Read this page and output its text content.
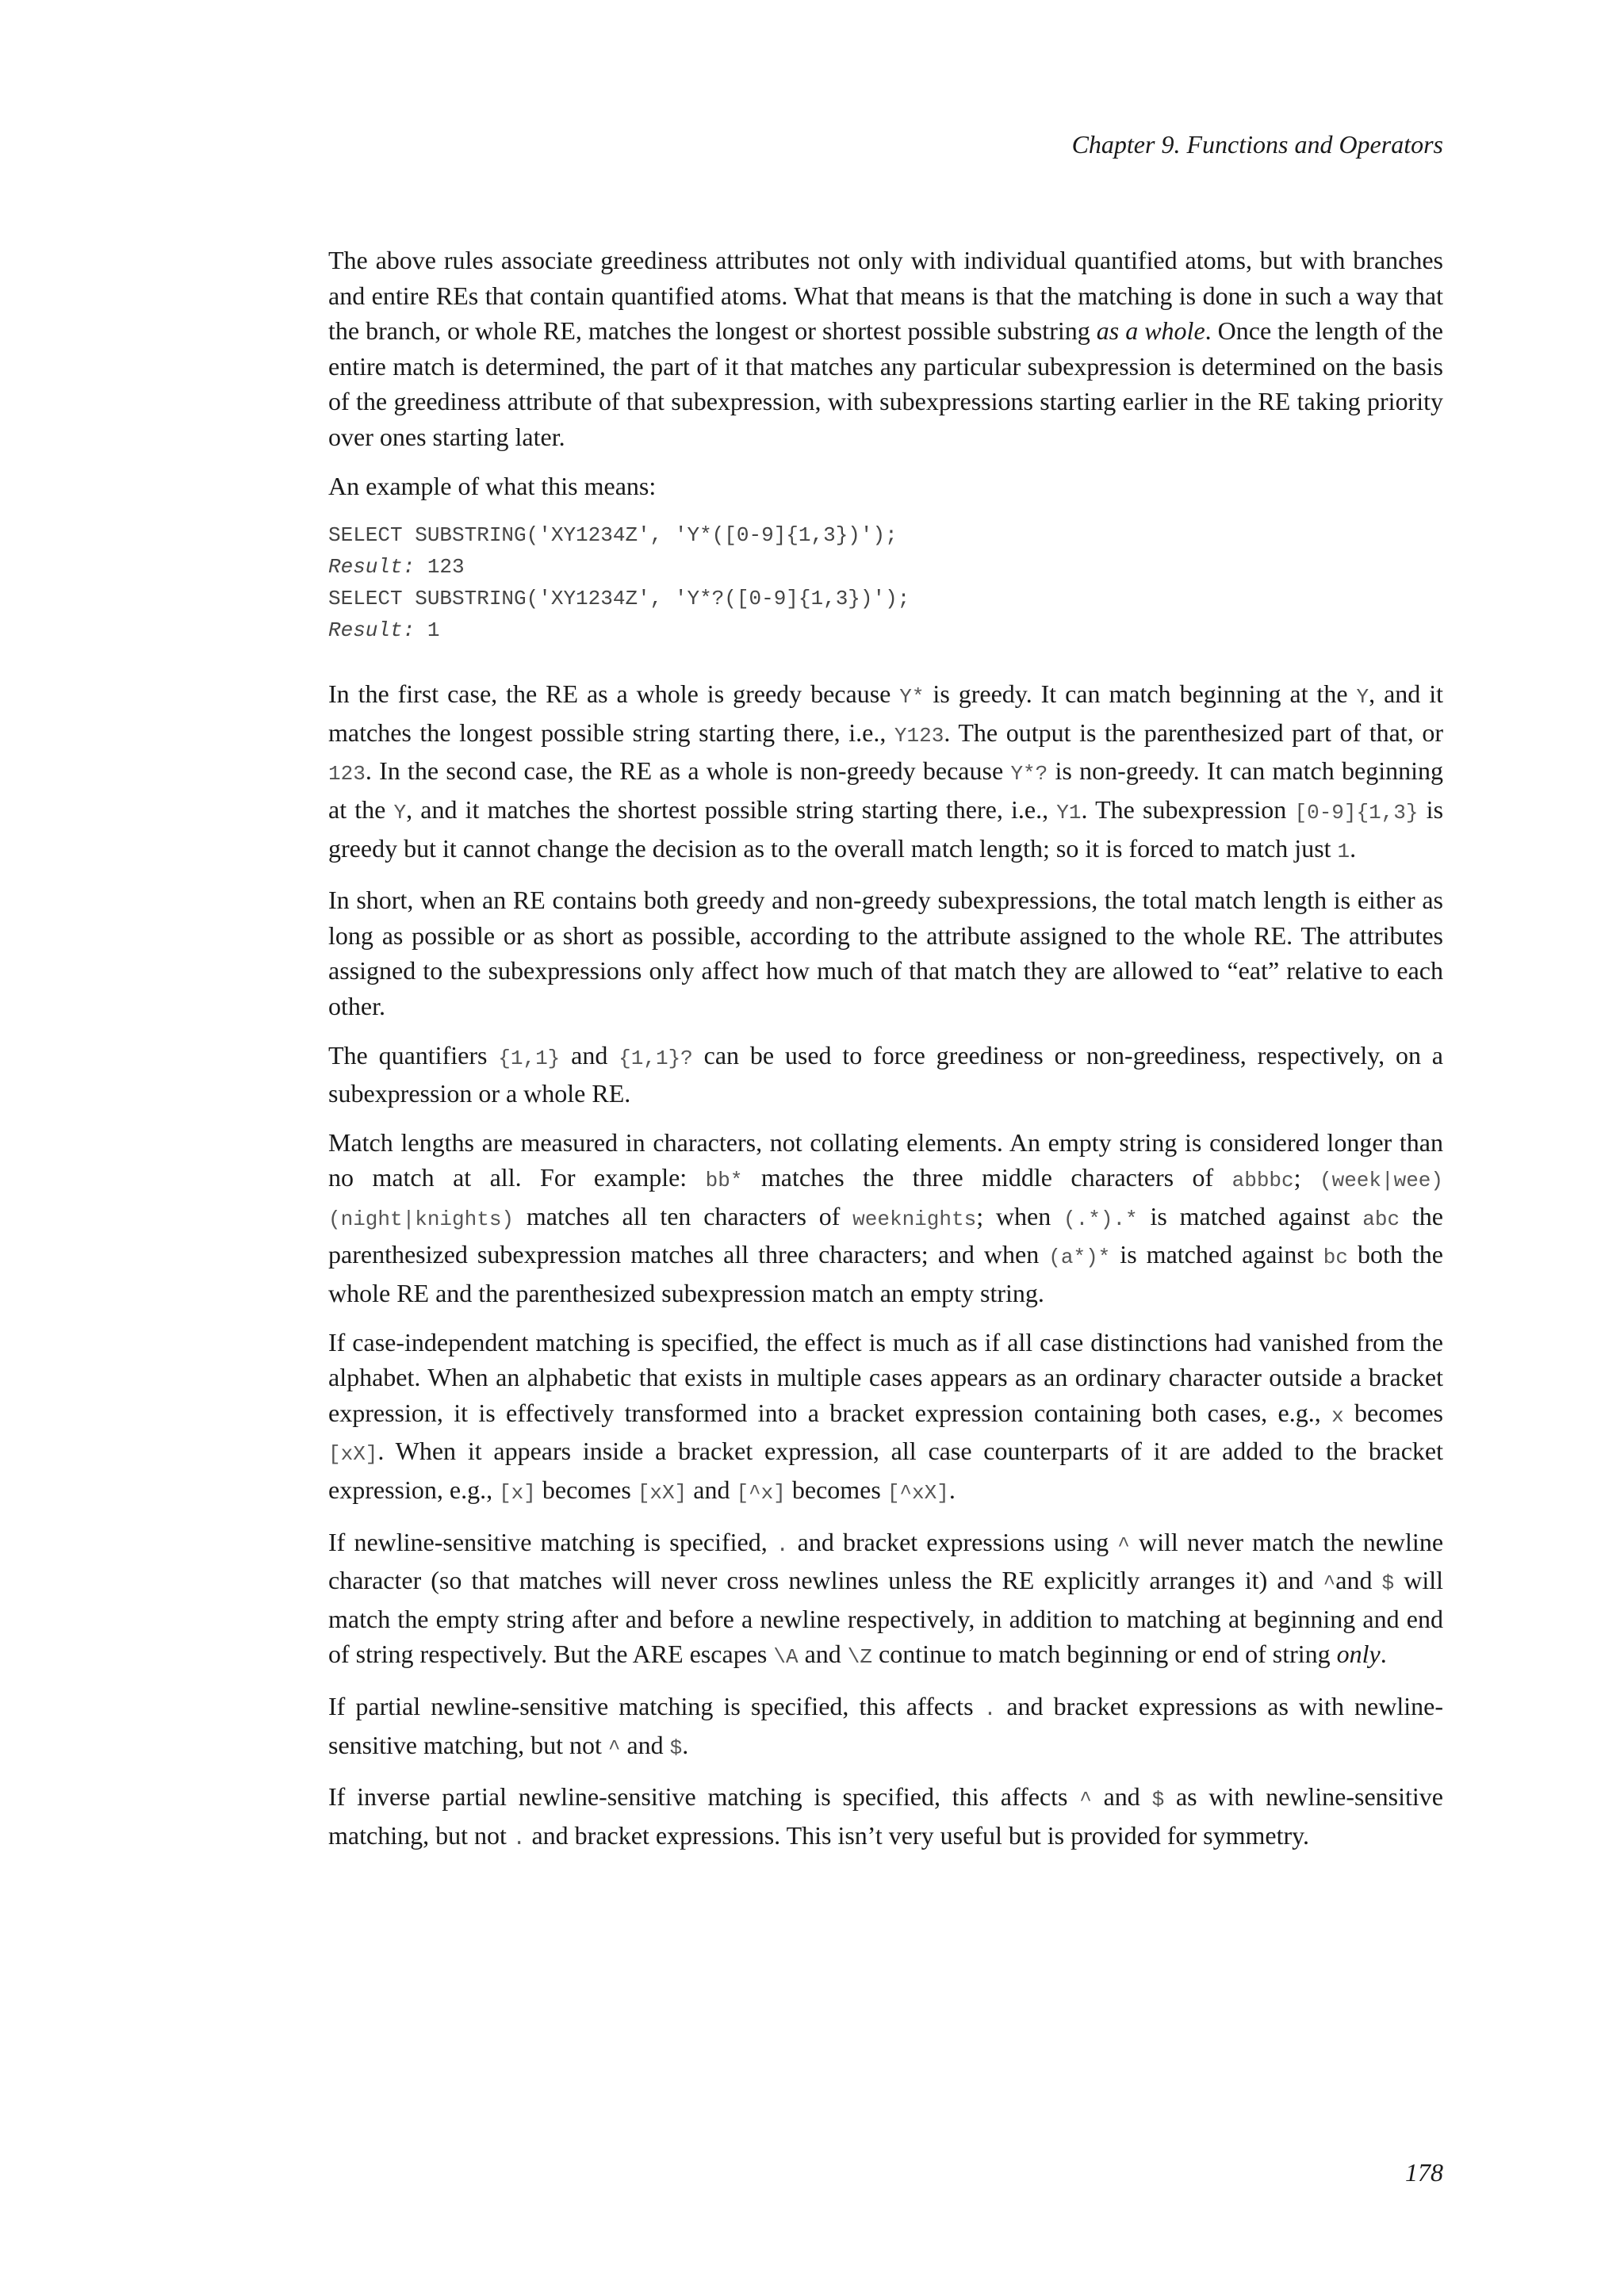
Chapter 9. Functions and Operators

The above rules associate greediness attributes not only with individual quantified atoms, but with branches and entire REs that contain quantified atoms. What that means is that the matching is done in such a way that the branch, or whole RE, matches the longest or shortest possible substring as a whole. Once the length of the entire match is determined, the part of it that matches any particular subexpression is determined on the basis of the greediness attribute of that subexpression, with subexpressions starting earlier in the RE taking priority over ones starting later.

An example of what this means:

SELECT SUBSTRING('XY1234Z', 'Y*([0-9]{1,3})');
Result: 123
SELECT SUBSTRING('XY1234Z', 'Y*?([0-9]{1,3})');
Result: 1

In the first case, the RE as a whole is greedy because Y* is greedy. It can match beginning at the Y, and it matches the longest possible string starting there, i.e., Y123. The output is the parenthesized part of that, or 123. In the second case, the RE as a whole is non-greedy because Y*? is non-greedy. It can match beginning at the Y, and it matches the shortest possible string starting there, i.e., Y1. The subexpression [0-9]{1,3} is greedy but it cannot change the decision as to the overall match length; so it is forced to match just 1.

In short, when an RE contains both greedy and non-greedy subexpressions, the total match length is either as long as possible or as short as possible, according to the attribute assigned to the whole RE. The attributes assigned to the subexpressions only affect how much of that match they are allowed to “eat” relative to each other.

The quantifiers {1,1} and {1,1}? can be used to force greediness or non-greediness, respectively, on a subexpression or a whole RE.

Match lengths are measured in characters, not collating elements. An empty string is considered longer than no match at all. For example: bb* matches the three middle characters of abbbc; (week|wee)(night|knights) matches all ten characters of weeknights; when (.*).* is matched against abc the parenthesized subexpression matches all three characters; and when (a*)* is matched against bc both the whole RE and the parenthesized subexpression match an empty string.

If case-independent matching is specified, the effect is much as if all case distinctions had vanished from the alphabet. When an alphabetic that exists in multiple cases appears as an ordinary character outside a bracket expression, it is effectively transformed into a bracket expression containing both cases, e.g., x becomes [xX]. When it appears inside a bracket expression, all case counterparts of it are added to the bracket expression, e.g., [x] becomes [xX] and [^x] becomes [^xX].

If newline-sensitive matching is specified, . and bracket expressions using ^ will never match the newline character (so that matches will never cross newlines unless the RE explicitly arranges it) and ^and $ will match the empty string after and before a newline respectively, in addition to matching at beginning and end of string respectively. But the ARE escapes \A and \Z continue to match beginning or end of string only.

If partial newline-sensitive matching is specified, this affects . and bracket expressions as with newline-sensitive matching, but not ^ and $.

If inverse partial newline-sensitive matching is specified, this affects ^ and $ as with newline-sensitive matching, but not . and bracket expressions. This isn’t very useful but is provided for symmetry.

178
